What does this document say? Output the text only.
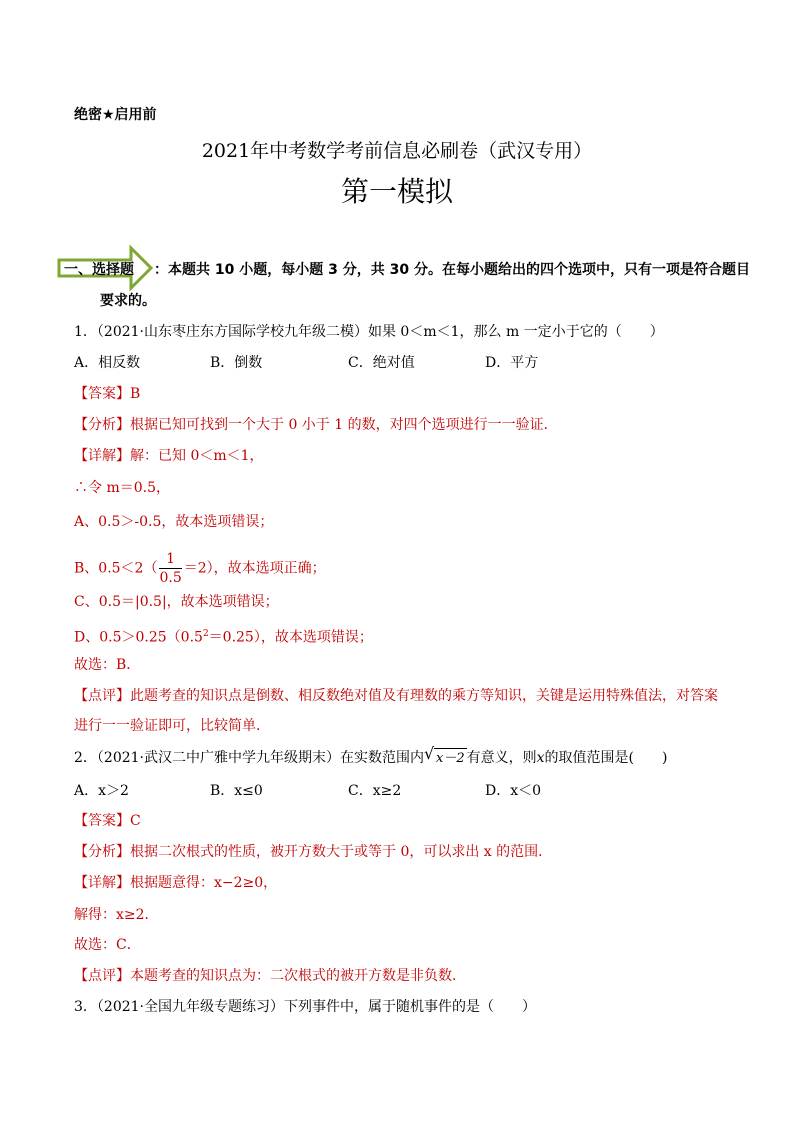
绝密★启用前
2021年中考数学考前信息必刷卷（武汉专用）
第一模拟
一、选择题 ：本题共 10 小题，每小题 3 分，共 30 分。在每小题给出的四个选项中，只有一项是符合题目
要求的。
1．（2021·山东枣庄东方国际学校九年级二模）如果 0＜m＜1，那么 m 一定小于它的（　　）
A．相反数	B．倒数	C．绝对值	D．平方
【答案】B
【分析】根据已知可找到一个大于 0 小于 1 的数，对四个选项进行一一验证．
【详解】解：已知 0＜m＜1，
∴令 m＝0.5，
A、0.5＞-0.5，故本选项错误；
B、$0.5<2( \frac{1}{0.5} =2)$，故本选项正确；
C、0.5＝|0.5|，故本选项错误；
D、$0.5>0.25(0.5^2=0.25)$，故本选项错误；
故选：B．
【点评】此题考查的知识点是倒数、相反数绝对值及有理数的乘方等知识，关键是运用特殊值法，对答案
进行一一验证即可，比较简单．
2．（2021·武汉二中广雅中学九年级期末）在实数范围内 √ x－2 有意义，则x的取值范围是(　　)
A．x＞2	B．x≤0	C．x≥2	D．x＜0
【答案】C
【分析】根据二次根式的性质，被开方数大于或等于 0，可以求出 x 的范围．
【详解】根据题意得：x−2≥0，
解得：x≥2．
故选：C．
【点评】本题考查的知识点为：二次根式的被开方数是非负数．
3．（2021·全国九年级专题练习）下列事件中，属于随机事件的是（　　）
